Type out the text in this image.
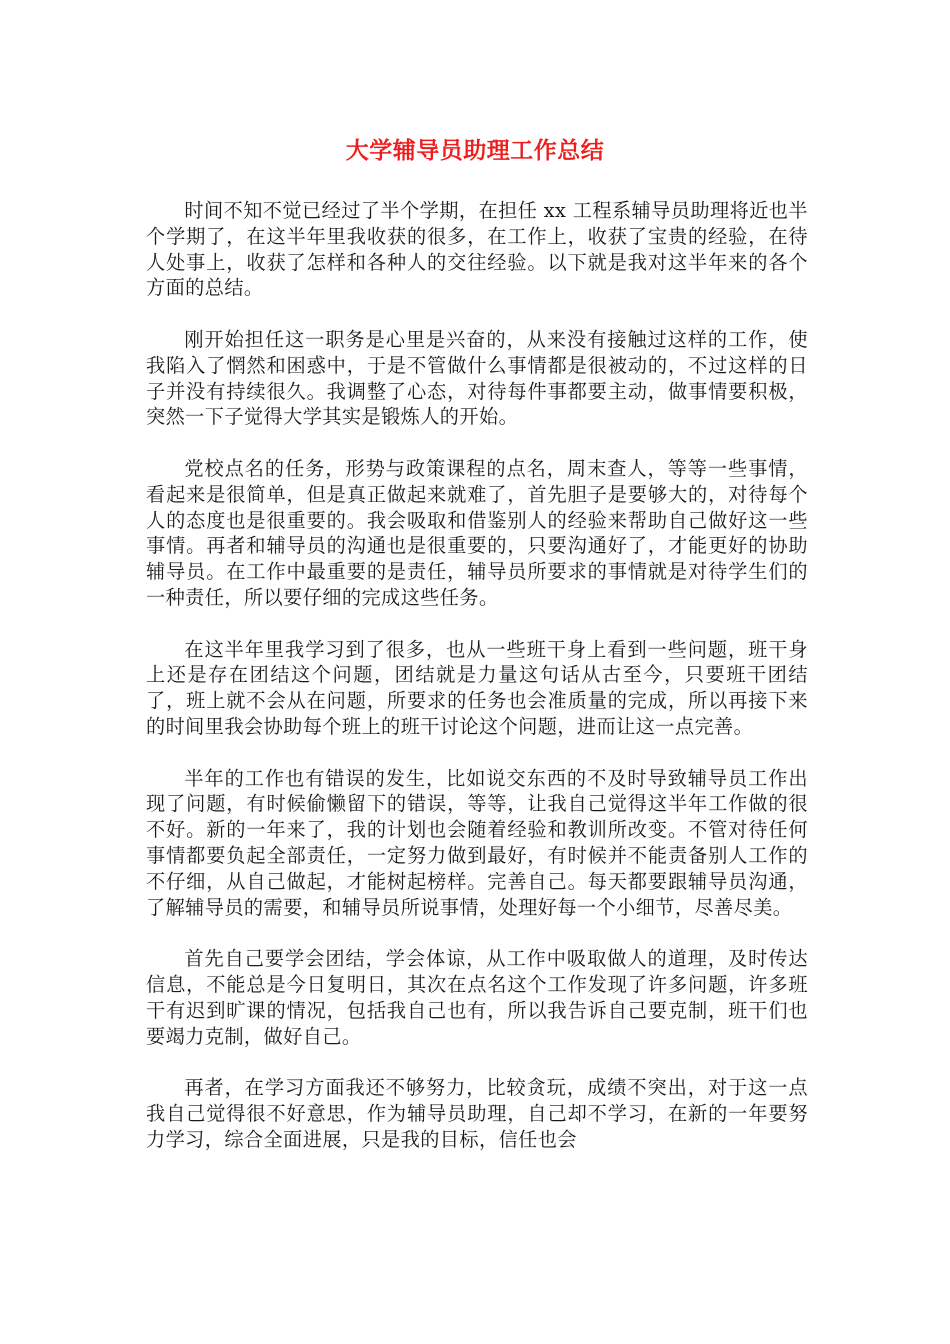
大学辅导员助理工作总结

时间不知不觉已经过了半个学期，在担任 xx 工程系辅导员助理将近也半个学期了，在这半年里我收获的很多，在工作上，收获了宝贵的经验，在待人处事上，收获了怎样和各种人的交往经验。以下就是我对这半年来的各个方面的总结。

刚开始担任这一职务是心里是兴奋的，从来没有接触过这样的工作，使我陷入了惘然和困惑中，于是不管做什么事情都是很被动的，不过这样的日子并没有持续很久。我调整了心态，对待每件事都要主动，做事情要积极，突然一下子觉得大学其实是锻炼人的开始。

党校点名的任务，形势与政策课程的点名，周末查人，等等一些事情，看起来是很简单，但是真正做起来就难了，首先胆子是要够大的，对待每个人的态度也是很重要的。我会吸取和借鉴别人的经验来帮助自己做好这一些事情。再者和辅导员的沟通也是很重要的，只要沟通好了，才能更好的协助辅导员。在工作中最重要的是责任，辅导员所要求的事情就是对待学生们的一种责任，所以要仔细的完成这些任务。

在这半年里我学习到了很多，也从一些班干身上看到一些问题，班干身上还是存在团结这个问题，团结就是力量这句话从古至今，只要班干团结了，班上就不会从在问题，所要求的任务也会准质量的完成，所以再接下来的时间里我会协助每个班上的班干讨论这个问题，进而让这一点完善。

半年的工作也有错误的发生，比如说交东西的不及时导致辅导员工作出现了问题，有时候偷懒留下的错误，等等，让我自己觉得这半年工作做的很不好。新的一年来了，我的计划也会随着经验和教训所改变。不管对待任何事情都要负起全部责任，一定努力做到最好，有时候并不能责备别人工作的不仔细，从自己做起，才能树起榜样。完善自己。每天都要跟辅导员沟通，了解辅导员的需要，和辅导员所说事情，处理好每一个小细节，尽善尽美。

首先自己要学会团结，学会体谅，从工作中吸取做人的道理，及时传达信息，不能总是今日复明日，其次在点名这个工作发现了许多问题，许多班干有迟到旷课的情况，包括我自己也有，所以我告诉自己要克制，班干们也要竭力克制，做好自己。

再者，在学习方面我还不够努力，比较贪玩，成绩不突出，对于这一点我自己觉得很不好意思，作为辅导员助理，自己却不学习，在新的一年要努力学习，综合全面进展，只是我的目标，信任也会
